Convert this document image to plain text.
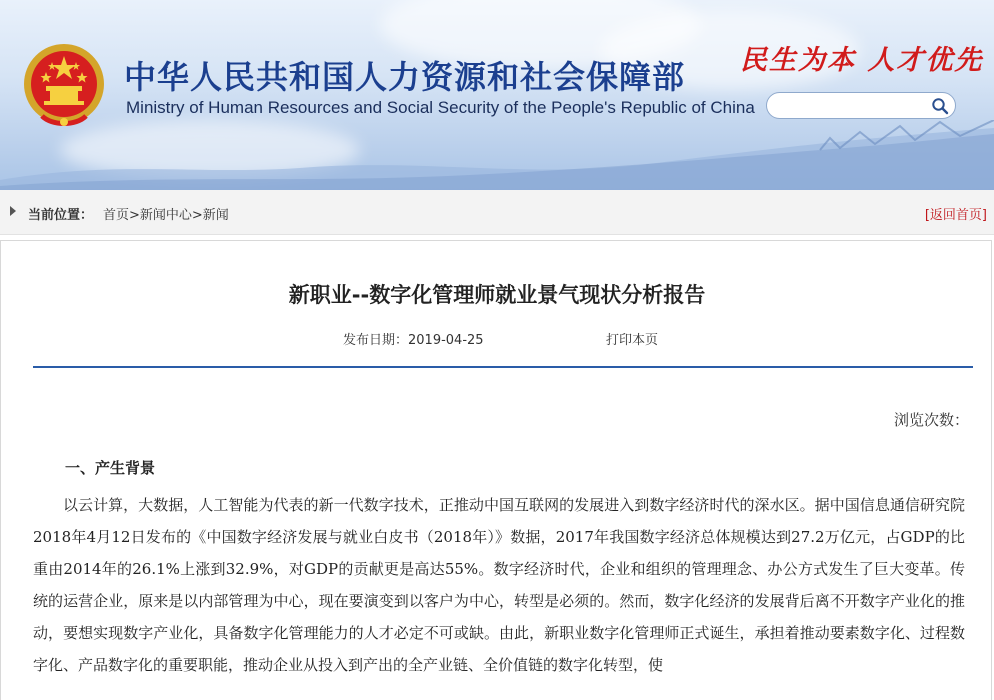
中华人民共和国人力资源和社会保障部
Ministry of Human Resources and Social Security of the People's Republic of China
民生为本 人才优先
当前位置： 首页>新闻中心>新闻	[返回首页]
新职业--数字化管理师就业景气现状分析报告
发布日期：2019-04-25	打印本页
浏览次数：
一、产生背景
以云计算，大数据，人工智能为代表的新一代数字技术，正推动中国互联网的发展进入到数字经济时代的深水区。据中国信息通信研究院2018年4月12日发布的《中国数字经济发展与就业白皮书（2018年）》数据，2017年我国数字经济总体规模达到27.2万亿元，占GDP的比重由2014年的26.1%上涨到32.9%，对GDP的贡献更是高达55%。数字经济时代，企业和组织的管理理念、办公方式发生了巨大变革。传统的运营企业，原来是以内部管理为中心，现在要演变到以客户为中心，转型是必须的。然而，数字化经济的发展背后离不开数字产业化的推动，要想实现数字产业化，具备数字化管理能力的人才必定不可或缺。由此，新职业数字化管理师正式诞生，承担着推动要素数字化、过程数字化、产品数字化的重要职能，推动企业从投入到产出的全产业链、全价值链的数字化转型，使
